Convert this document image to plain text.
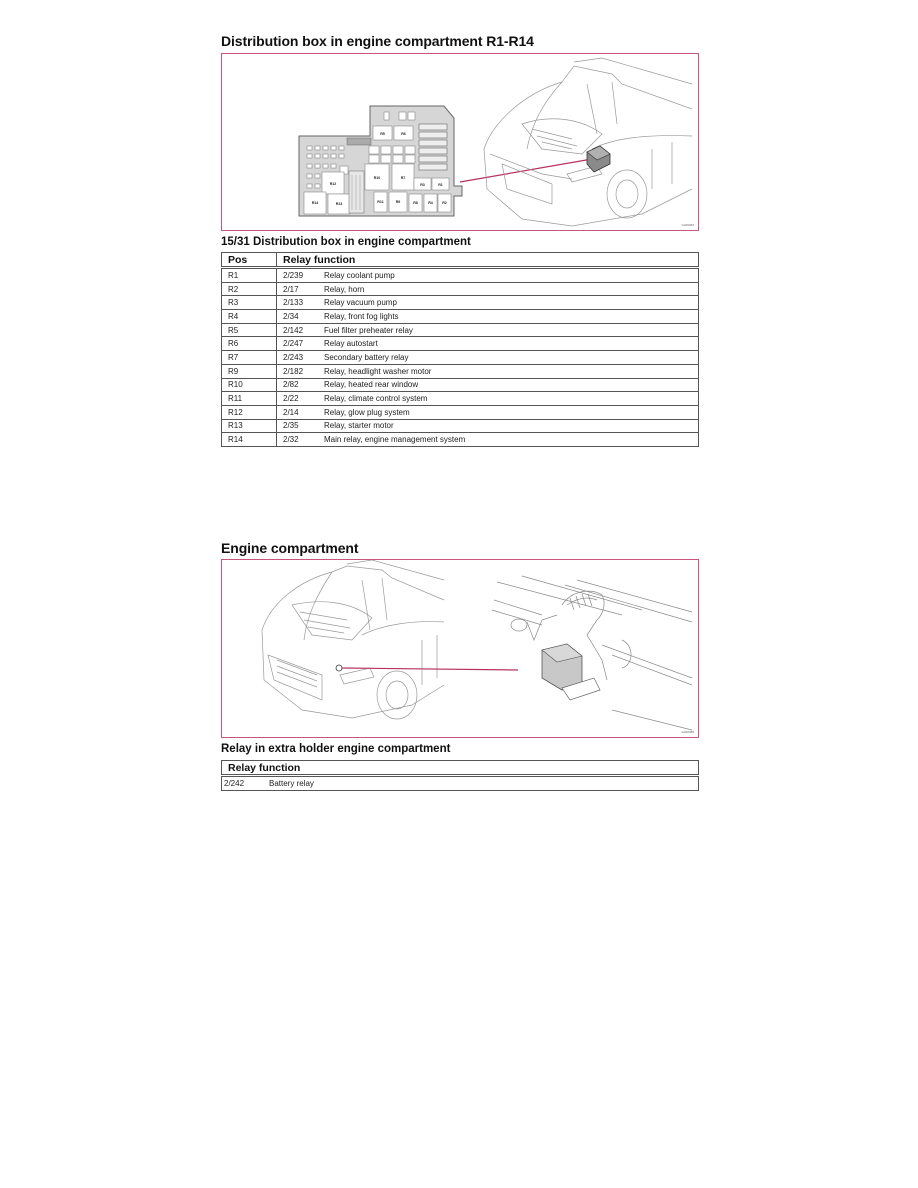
Distribution box in engine compartment R1-R14
R5	R6
R12
R10	R7
R3	R1
R14	R13	R11	R9	R8	R4	R2
G026084
15/31 Distribution box in engine compartment
Pos	Relay function
R1	2/239 Relay coolant pump
R2	2/17 Relay, horn
R3	2/133 Relay vacuum pump
R4	2/34 Relay, front fog lights
R5	2/142 Fuel filter preheater relay
R6	2/247 Relay autostart
R7	2/243 Secondary battery relay
R9	2/182 Relay, headlight washer motor
R10	2/82 Relay, heated rear window
R11	2/22 Relay, climate control system
R12	2/14 Relay, glow plug system
R13	2/35 Relay, starter motor
R14	2/32 Main relay, engine management system
Engine compartment
G026085
Relay in extra holder engine compartment
Relay function
2/242	Battery relay
